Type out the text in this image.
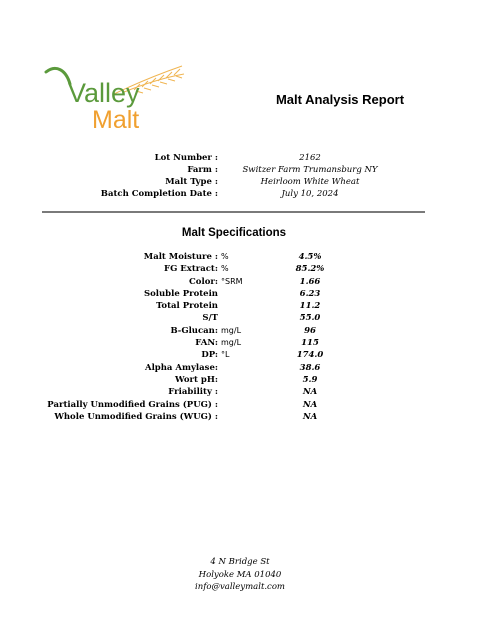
Valley
Malt
Malt Analysis Report
Lot Number :	2162
Farm :	Switzer Farm Trumansburg NY
Malt Type :	Heirloom White Wheat
Batch Completion Date :	July 10, 2024
Malt Specifications
Malt Moisture : %	4.5%
FG Extract: %	85.2%
Color: °SRM	1.66
Soluble Protein	6.23
Total Protein	11.2
S/T	55.0
B-Glucan: mg/L	96
FAN: mg/L	115
DP: °L	174.0
Alpha Amylase:	38.6
Wort pH:	5.9
Friability :	NA
Partially Unmodified Grains (PUG) :	NA
Whole Unmodified Grains (WUG) :	NA
4 N Bridge St
Holyoke MA 01040
info@valleymalt.com
